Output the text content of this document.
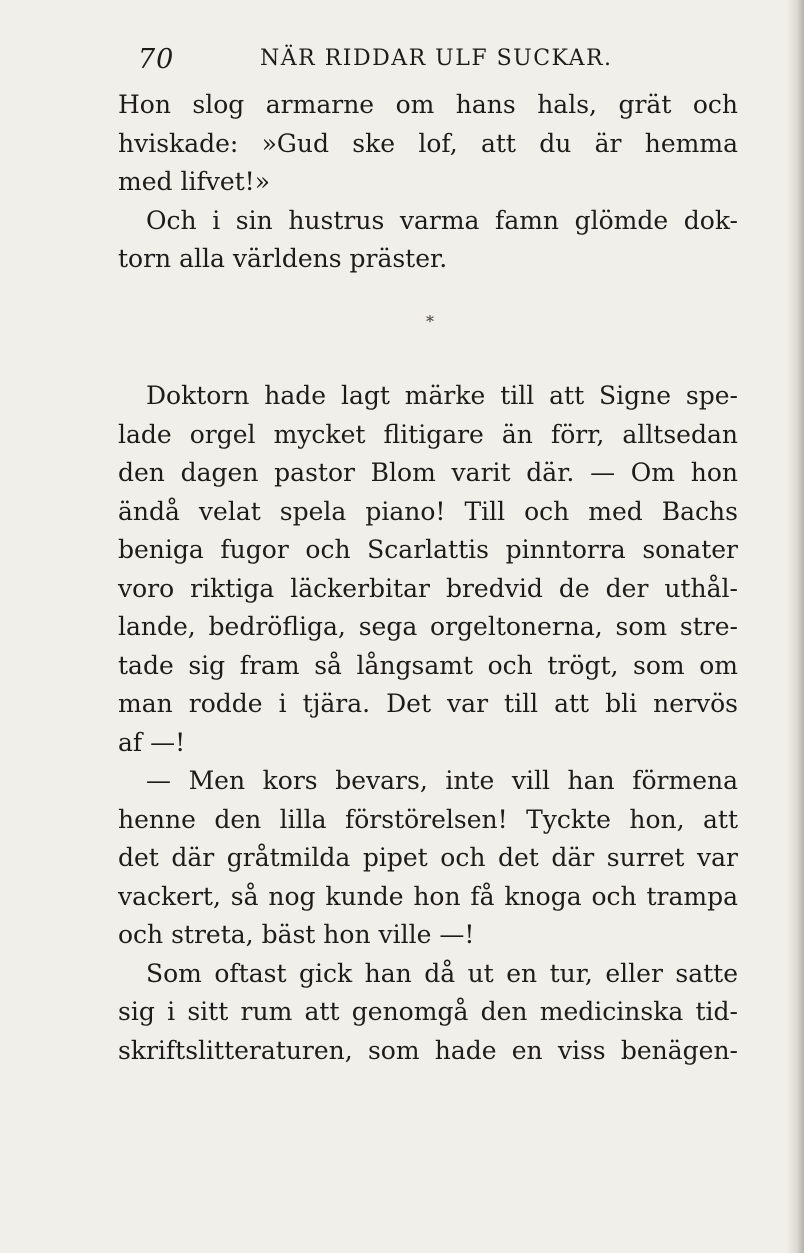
70	NÄR RIDDAR ULF SUCKAR.
Hon slog armarne om hans hals, grät och
hviskade: »Gud ske lof, att du är hemma
med lifvet!»
Och i sin hustrus varma famn glömde dok-
torn alla världens präster.
*
Doktorn hade lagt märke till att Signe spe-
lade orgel mycket flitigare än förr, alltsedan
den dagen pastor Blom varit där. — Om hon
ändå velat spela piano! Till och med Bachs
beniga fugor och Scarlattis pinntorra sonater
voro riktiga läckerbitar bredvid de der uthål-
lande, bedröfliga, sega orgeltonerna, som stre-
tade sig fram så långsamt och trögt, som om
man rodde i tjära. Det var till att bli nervös
af —!
— Men kors bevars, inte vill han förmena
henne den lilla förstörelsen! Tyckte hon, att
det där gråtmilda pipet och det där surret var
vackert, så nog kunde hon få knoga och trampa
och streta, bäst hon ville —!
Som oftast gick han då ut en tur, eller satte
sig i sitt rum att genomgå den medicinska tid-
skriftslitteraturen, som hade en viss benägen-
